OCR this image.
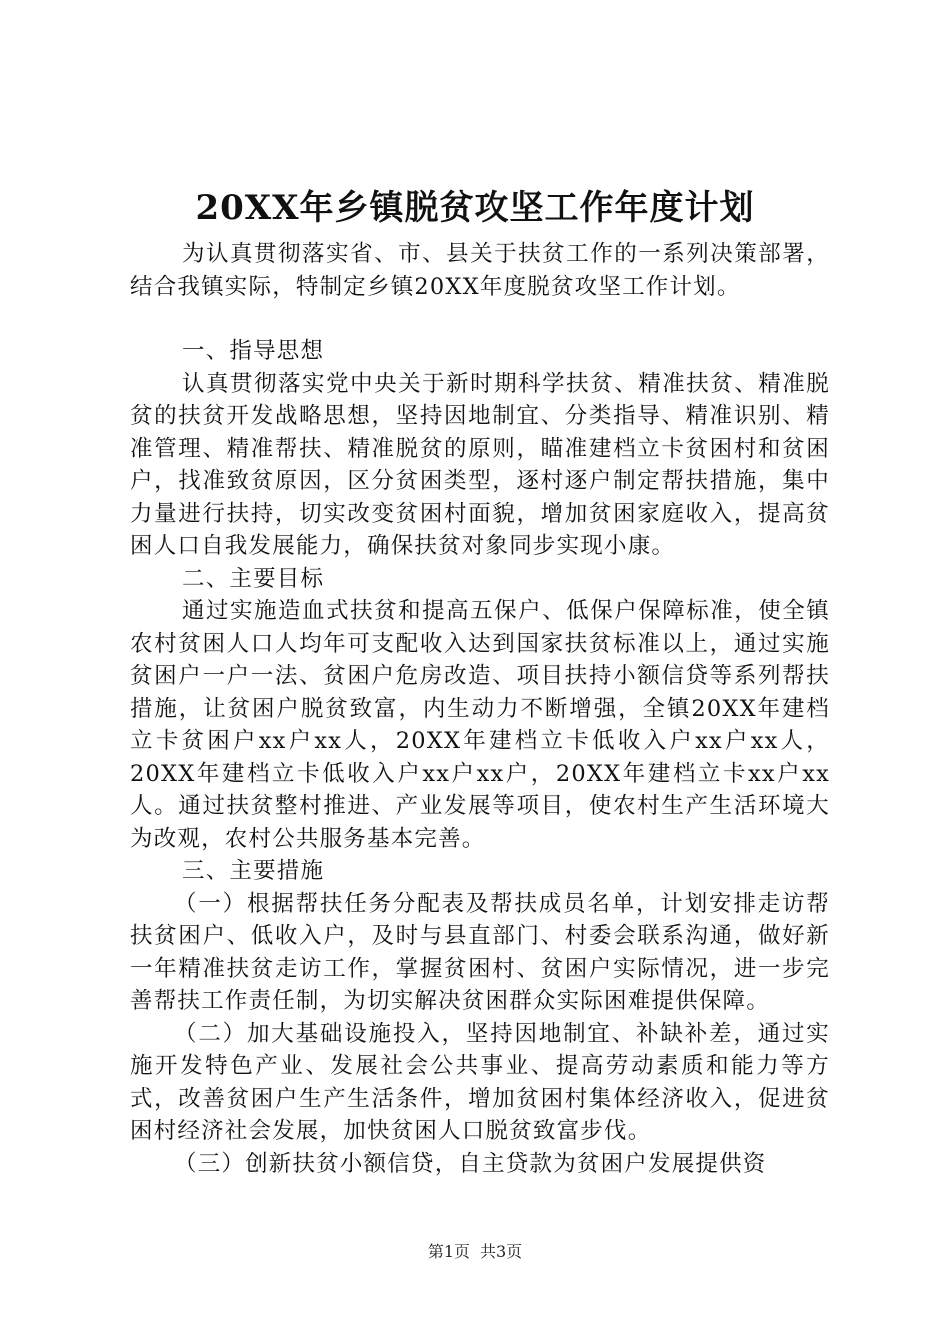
20XX年乡镇脱贫攻坚工作年度计划

为认真贯彻落实省、市、县关于扶贫工作的一系列决策部署，结合我镇实际，特制定乡镇20XX年度脱贫攻坚工作计划。

一、指导思想

认真贯彻落实党中央关于新时期科学扶贫、精准扶贫、精准脱贫的扶贫开发战略思想，坚持因地制宜、分类指导、精准识别、精准管理、精准帮扶、精准脱贫的原则，瞄准建档立卡贫困村和贫困户，找准致贫原因，区分贫困类型，逐村逐户制定帮扶措施，集中力量进行扶持，切实改变贫困村面貌，增加贫困家庭收入，提高贫困人口自我发展能力，确保扶贫对象同步实现小康。

二、主要目标

通过实施造血式扶贫和提高五保户、低保户保障标准，使全镇农村贫困人口人均年可支配收入达到国家扶贫标准以上，通过实施贫困户一户一法、贫困户危房改造、项目扶持小额信贷等系列帮扶措施，让贫困户脱贫致富，内生动力不断增强，全镇20XX年建档立卡贫困户xx户xx人，20XX年建档立卡低收入户xx户xx人，20XX年建档立卡低收入户xx户xx户，20XX年建档立卡xx户xx人。通过扶贫整村推进、产业发展等项目，使农村生产生活环境大为改观，农村公共服务基本完善。

三、主要措施

（一）根据帮扶任务分配表及帮扶成员名单，计划安排走访帮扶贫困户、低收入户，及时与县直部门、村委会联系沟通，做好新一年精准扶贫走访工作，掌握贫困村、贫困户实际情况，进一步完善帮扶工作责任制，为切实解决贫困群众实际困难提供保障。

（二）加大基础设施投入，坚持因地制宜、补缺补差，通过实施开发特色产业、发展社会公共事业、提高劳动素质和能力等方式，改善贫困户生产生活条件，增加贫困村集体经济收入，促进贫困村经济社会发展，加快贫困人口脱贫致富步伐。

（三）创新扶贫小额信贷，自主贷款为贫困户发展提供资

第1页 共3页
